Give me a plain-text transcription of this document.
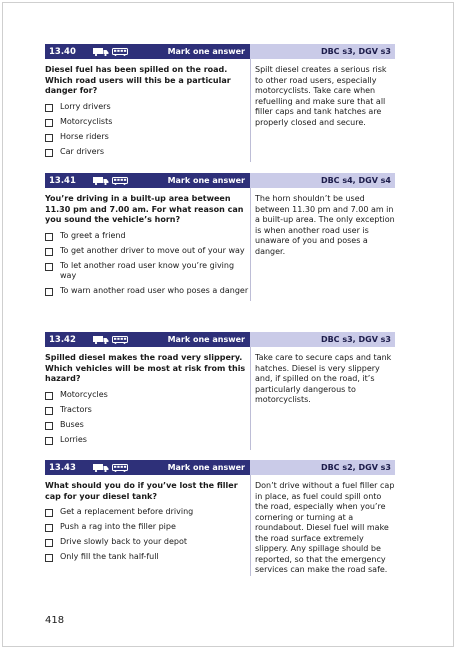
13.40	Mark one answer	DBC s3, DGV s3
Diesel fuel has been spilled on the road. Which road users will this be a particular danger for?
Lorry drivers
Motorcyclists
Horse riders
Car drivers
Spilt diesel creates a serious risk to other road users, especially motorcyclists. Take care when refuelling and make sure that all filler caps and tank hatches are properly closed and secure.
13.41	Mark one answer	DBC s4, DGV s4
You’re driving in a built-up area between 11.30 pm and 7.00 am. For what reason can you sound the vehicle’s horn?
To greet a friend
To get another driver to move out of your way
To let another road user know you’re giving way
To warn another road user who poses a danger
The horn shouldn’t be used between 11.30 pm and 7.00 am in a built-up area. The only exception is when another road user is unaware of you and poses a danger.
13.42	Mark one answer	DBC s3, DGV s3
Spilled diesel makes the road very slippery. Which vehicles will be most at risk from this hazard?
Motorcycles
Tractors
Buses
Lorries
Take care to secure caps and tank hatches. Diesel is very slippery and, if spilled on the road, it’s particularly dangerous to motorcyclists.
13.43	Mark one answer	DBC s2, DGV s3
What should you do if you’ve lost the filler cap for your diesel tank?
Get a replacement before driving
Push a rag into the filler pipe
Drive slowly back to your depot
Only fill the tank half-full
Don’t drive without a fuel filler cap in place, as fuel could spill onto the road, especially when you’re cornering or turning at a roundabout. Diesel fuel will make the road surface extremely slippery. Any spillage should be reported, so that the emergency services can make the road safe.
418
